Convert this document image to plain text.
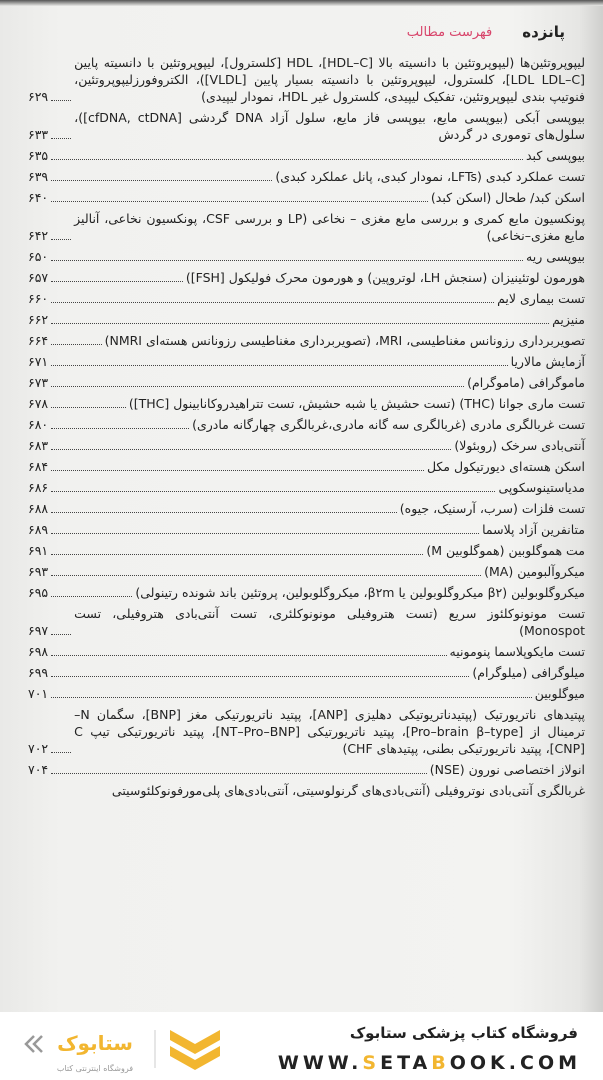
پانزده
فهرست مطالب
لیپوپروتئین‌ها (لیپوپروتئین با دانسیته بالا [HDL–C]، HDL [کلسترول]، لیپوپروتئین با دانسیته پایین [LDL LDL–C]، کلسترول، لیپوپروتئین با دانسیته بسیار پایین [VLDL])، الکتروفورزلیپوپروتئین، فنوتیپ بندی لیپوپروتئین، تفکیک لیپیدی، کلسترول غیر HDL، نمودار لیپیدی)
۶۲۹
بیوپسی آبکی (بیوپسی مایع، بیوپسی فاز مایع، سلول آزاد DNA گردشی [cfDNA, ctDNA])، سلول‌های توموری در گردش
۶۳۳
بیوپسی کبد
۶۳۵
تست عملکرد کبدی (LFTs، نمودار کبدی، پانل عملکرد کبدی)
۶۳۹
اسکن کبد/ طحال (اسکن کبد)
۶۴۰
پونکسیون مایع کمری و بررسی مایع مغزی – نخاعی (LP و بررسی CSF، پونکسیون نخاعی، آنالیز مایع مغزی–نخاعی)
۶۴۲
بیوپسی ریه
۶۵۰
هورمون لوتئینیزان (سنجش LH، لوتروپین) و هورمون محرک فولیکول [FSH])
۶۵۷
تست بیماری لایم
۶۶۰
منیزیم
۶۶۲
تصویربرداری رزونانس مغناطیسی، MRI، (تصویربرداری مغناطیسی رزونانس هسته‌ای NMRI)
۶۶۴
آزمایش مالاریا
۶۷۱
ماموگرافی (ماموگرام)
۶۷۳
تست ماری جوانا (THC) (تست حشیش یا شبه حشیش، تست تتراهیدروکانابینول [THC])
۶۷۸
تست غربالگری مادری (غربالگری سه گانه مادری،غربالگری چهارگانه مادری)
۶۸۰
آنتی‌بادی سرخک (روبئولا)
۶۸۳
اسکن هسته‌ای دیورتیکول مکل
۶۸۴
مدیاستینوسکوپی
۶۸۶
تست فلزات (سرب، آرسنیک، جیوه)
۶۸۸
متانفرین آزاد پلاسما
۶۸۹
مت هموگلوبین (هموگلوبین M)
۶۹۱
میکروآلبومین (MA)
۶۹۳
میکروگلوبولین (β۲ میکروگلوبولین یا β۲m، میکروگلوبولین، پروتئین باند شونده رتینولی)
۶۹۵
تست مونونوکلئوز سریع (تست هتروفیلی مونونوکلئری، تست آنتی‌بادی هتروفیلی، تست Monospot)
۶۹۷
تست مایکوپلاسما پنومونیه
۶۹۸
میلوگرافی (میلوگرام)
۶۹۹
میوگلوبین
۷۰۱
پپتیدهای ناتریورتیک (پپتیدناتریوتیکی دهلیزی [ANP]، پپتید ناتریورتیکی مغز [BNP]، سگمان N– ترمینال از [Pro–brain β–type]، پپتید ناتریورتیکی [NT–Pro–BNP]، پپتید ناتریورتیکی تیپ C [CNP]، پپتید ناتریورتیکی بطنی، پپتیدهای CHF)
۷۰۲
انولاز اختصاصی نورون (NSE)
۷۰۴
غربالگری آنتی‌بادی نوتروفیلی (آنتی‌بادی‌های گرنولوسیتی، آنتی‌بادی‌های پلی‌مورفونوکلئوسیتی
ستابوک
فروشگاه اینترنتی کتاب
فروشگاه کتاب پزشکی ستابوک
WWW.SETABOOK.COM
